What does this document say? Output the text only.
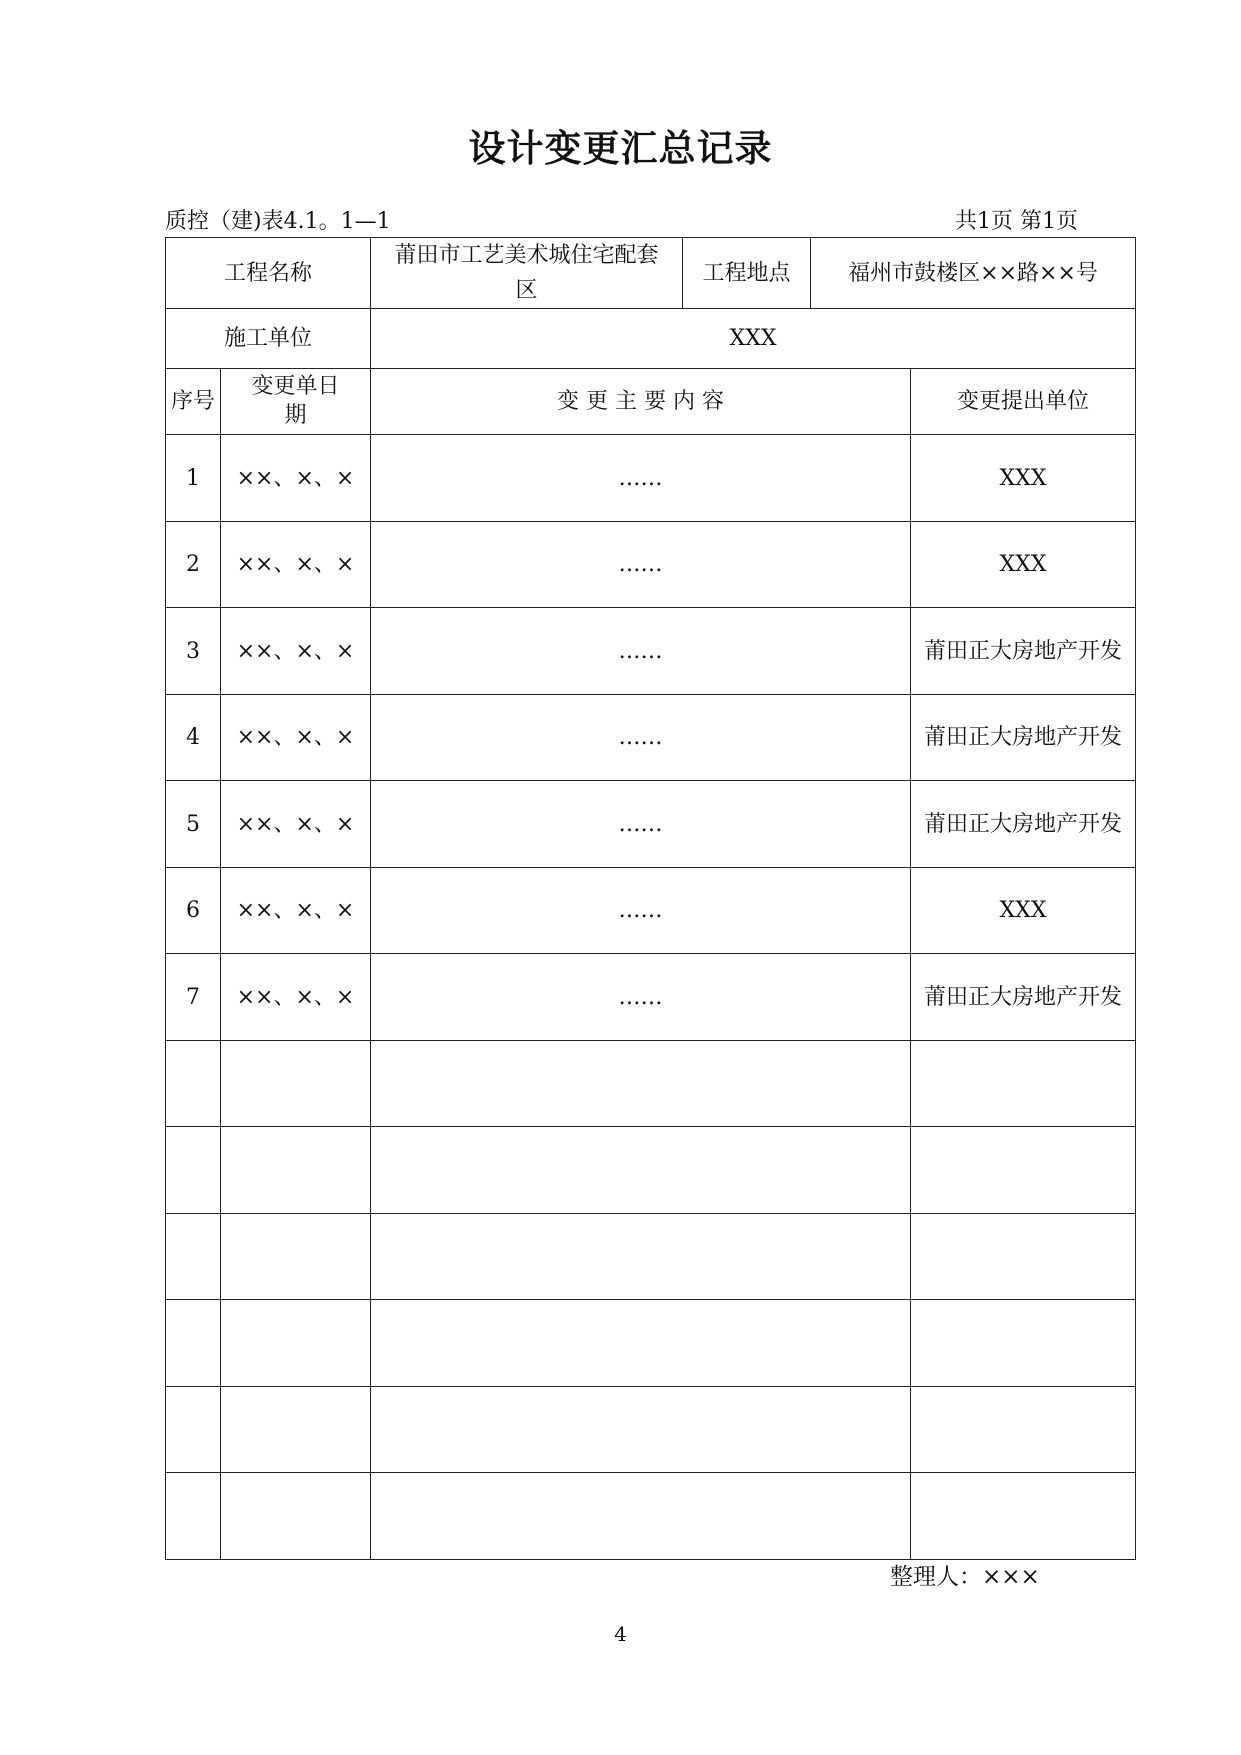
设计变更汇总记录
质控（建)表4.1。1—1	共1页 第1页
工程名称		莆田市工艺美术城住宅配套区	工程地点	福州市鼓楼区××路××号	
施工单位		XXX			
序号	变更单日 期	变 更 主 要 内 容			变更提出单位
1	××、×、×	……			XXX
2	××、×、×	……			XXX
3	××、×、×	……			莆田正大房地产开发
4	××、×、×	……			莆田正大房地产开发
5	××、×、×	……			莆田正大房地产开发
6	××、×、×	……			XXX
7	××、×、×	……			莆田正大房地产开发

整理人：×××
4
